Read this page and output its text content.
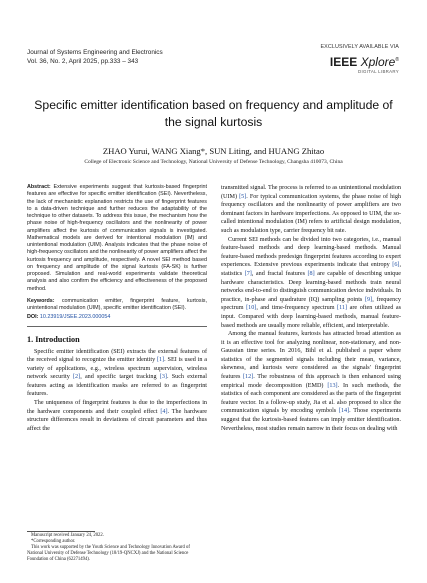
Journal of Systems Engineering and Electronics
Vol. 36, No. 2, April 2025, pp.333 – 343
EXCLUSIVELY AVAILABLE VIA
IEEE Xplore®
DIGITAL LIBRARY
Specific emitter identification based on frequency and amplitude of the signal kurtosis
ZHAO Yurui, WANG Xiang*, SUN Liting, and HUANG Zhitao
College of Electronic Science and Technology, National University of Defense Technology, Changsha 410073, China
Abstract: Extensive experiments suggest that kurtosis-based fingerprint features are effective for specific emitter identification (SEI). Nevertheless, the lack of mechanistic explanation restricts the use of fingerprint features to a data-driven technique and further reduces the adaptability of the technique to other datasets. To address this issue, the mechanism how the phase noise of high-frequency oscillators and the nonlinearity of power amplifiers affect the kurtosis of communication signals is investigated. Mathematical models are derived for intentional modulation (IM) and unintentional modulation (UIM). Analysis indicates that the phase noise of high-frequency oscillators and the nonlinearity of power amplifiers affect the kurtosis frequency and amplitude, respectively. A novel SEI method based on frequency and amplitude of the signal kurtosis (FA-SK) is further proposed. Simulation and real-world experiments validate theoretical analysis and also confirm the efficiency and effectiveness of the proposed method.
Keywords: communication emitter, fingerprint feature, kurtosis, unintentional modulation (UIM), specific emitter identification (SEI).
DOI: 10.23919/JSEE.2023.000054
1. Introduction

Specific emitter identification (SEI) extracts the external features of the received signal to recognize the emitter identity [1]. SEI is used in a variety of applications, e.g., wireless spectrum supervision, wireless network security [2], and specific target tracking [3]. Such external features acting as identification masks are referred to as fingerprint features.

The uniqueness of fingerprint features is due to the imperfections in the hardware components and their coupled effect [4]. The hardware structure differences result in deviations of circuit parameters and thus affect the

transmitted signal. The process is referred to as unintentional modulation (UIM) [5]. For typical communication systems, the phase noise of high frequency oscillators and the nonlinearity of power amplifiers are two dominant factors in hardware imperfections. As opposed to UIM, the so-called intentional modulation (IM) refers to artificial design modulation, such as modulation type, carrier frequency bit rate.

Current SEI methods can be divided into two categories, i.e., manual feature-based methods and deep learning-based methods. Manual feature-based methods predesign fingerprint features according to expert experiences. Extensive previous experiments indicate that entropy [6], statistics [7], and fractal features [8] are capable of describing unique hardware characteristics. Deep learning-based methods train neural networks end-to-end to distinguish communication device individuals. In practice, in-phase and quadrature (IQ) sampling points [9], frequency spectrum [10], and time-frequency spectrum [11] are often utilized as input. Compared with deep learning-based methods, manual feature-based methods are usually more reliable, efficient, and interpretable.

Among the manual features, kurtosis has attracted broad attention as it is an effective tool for analyzing nonlinear, non-stationary, and non-Gaussian time series. In 2016, Bihl et al. published a paper where statistics of the segmented signals including their mean, variance, skewness, and kurtosis were considered as the signals' fingerprint features [12]. The robustness of this approach is then enhanced using empirical mode decomposition (EMD) [13]. In such methods, the statistics of each component are considered as the parts of the fingerprint feature vector. In a follow-up study, Jia et al. also proposed to slice the communication signals by encoding symbols [14]. Those experiments suggest that the kurtosis-based features can imply emitter identification. Nevertheless, most studies remain narrow in their focus on dealing with

Manuscript received January 24, 2022.
*Corresponding author.
This work was supported by the Youth Science and Technology Innovation Award of National University of Defense Technology (18/19-QNCXJ) and the National Science Foundation of China (62271494).
